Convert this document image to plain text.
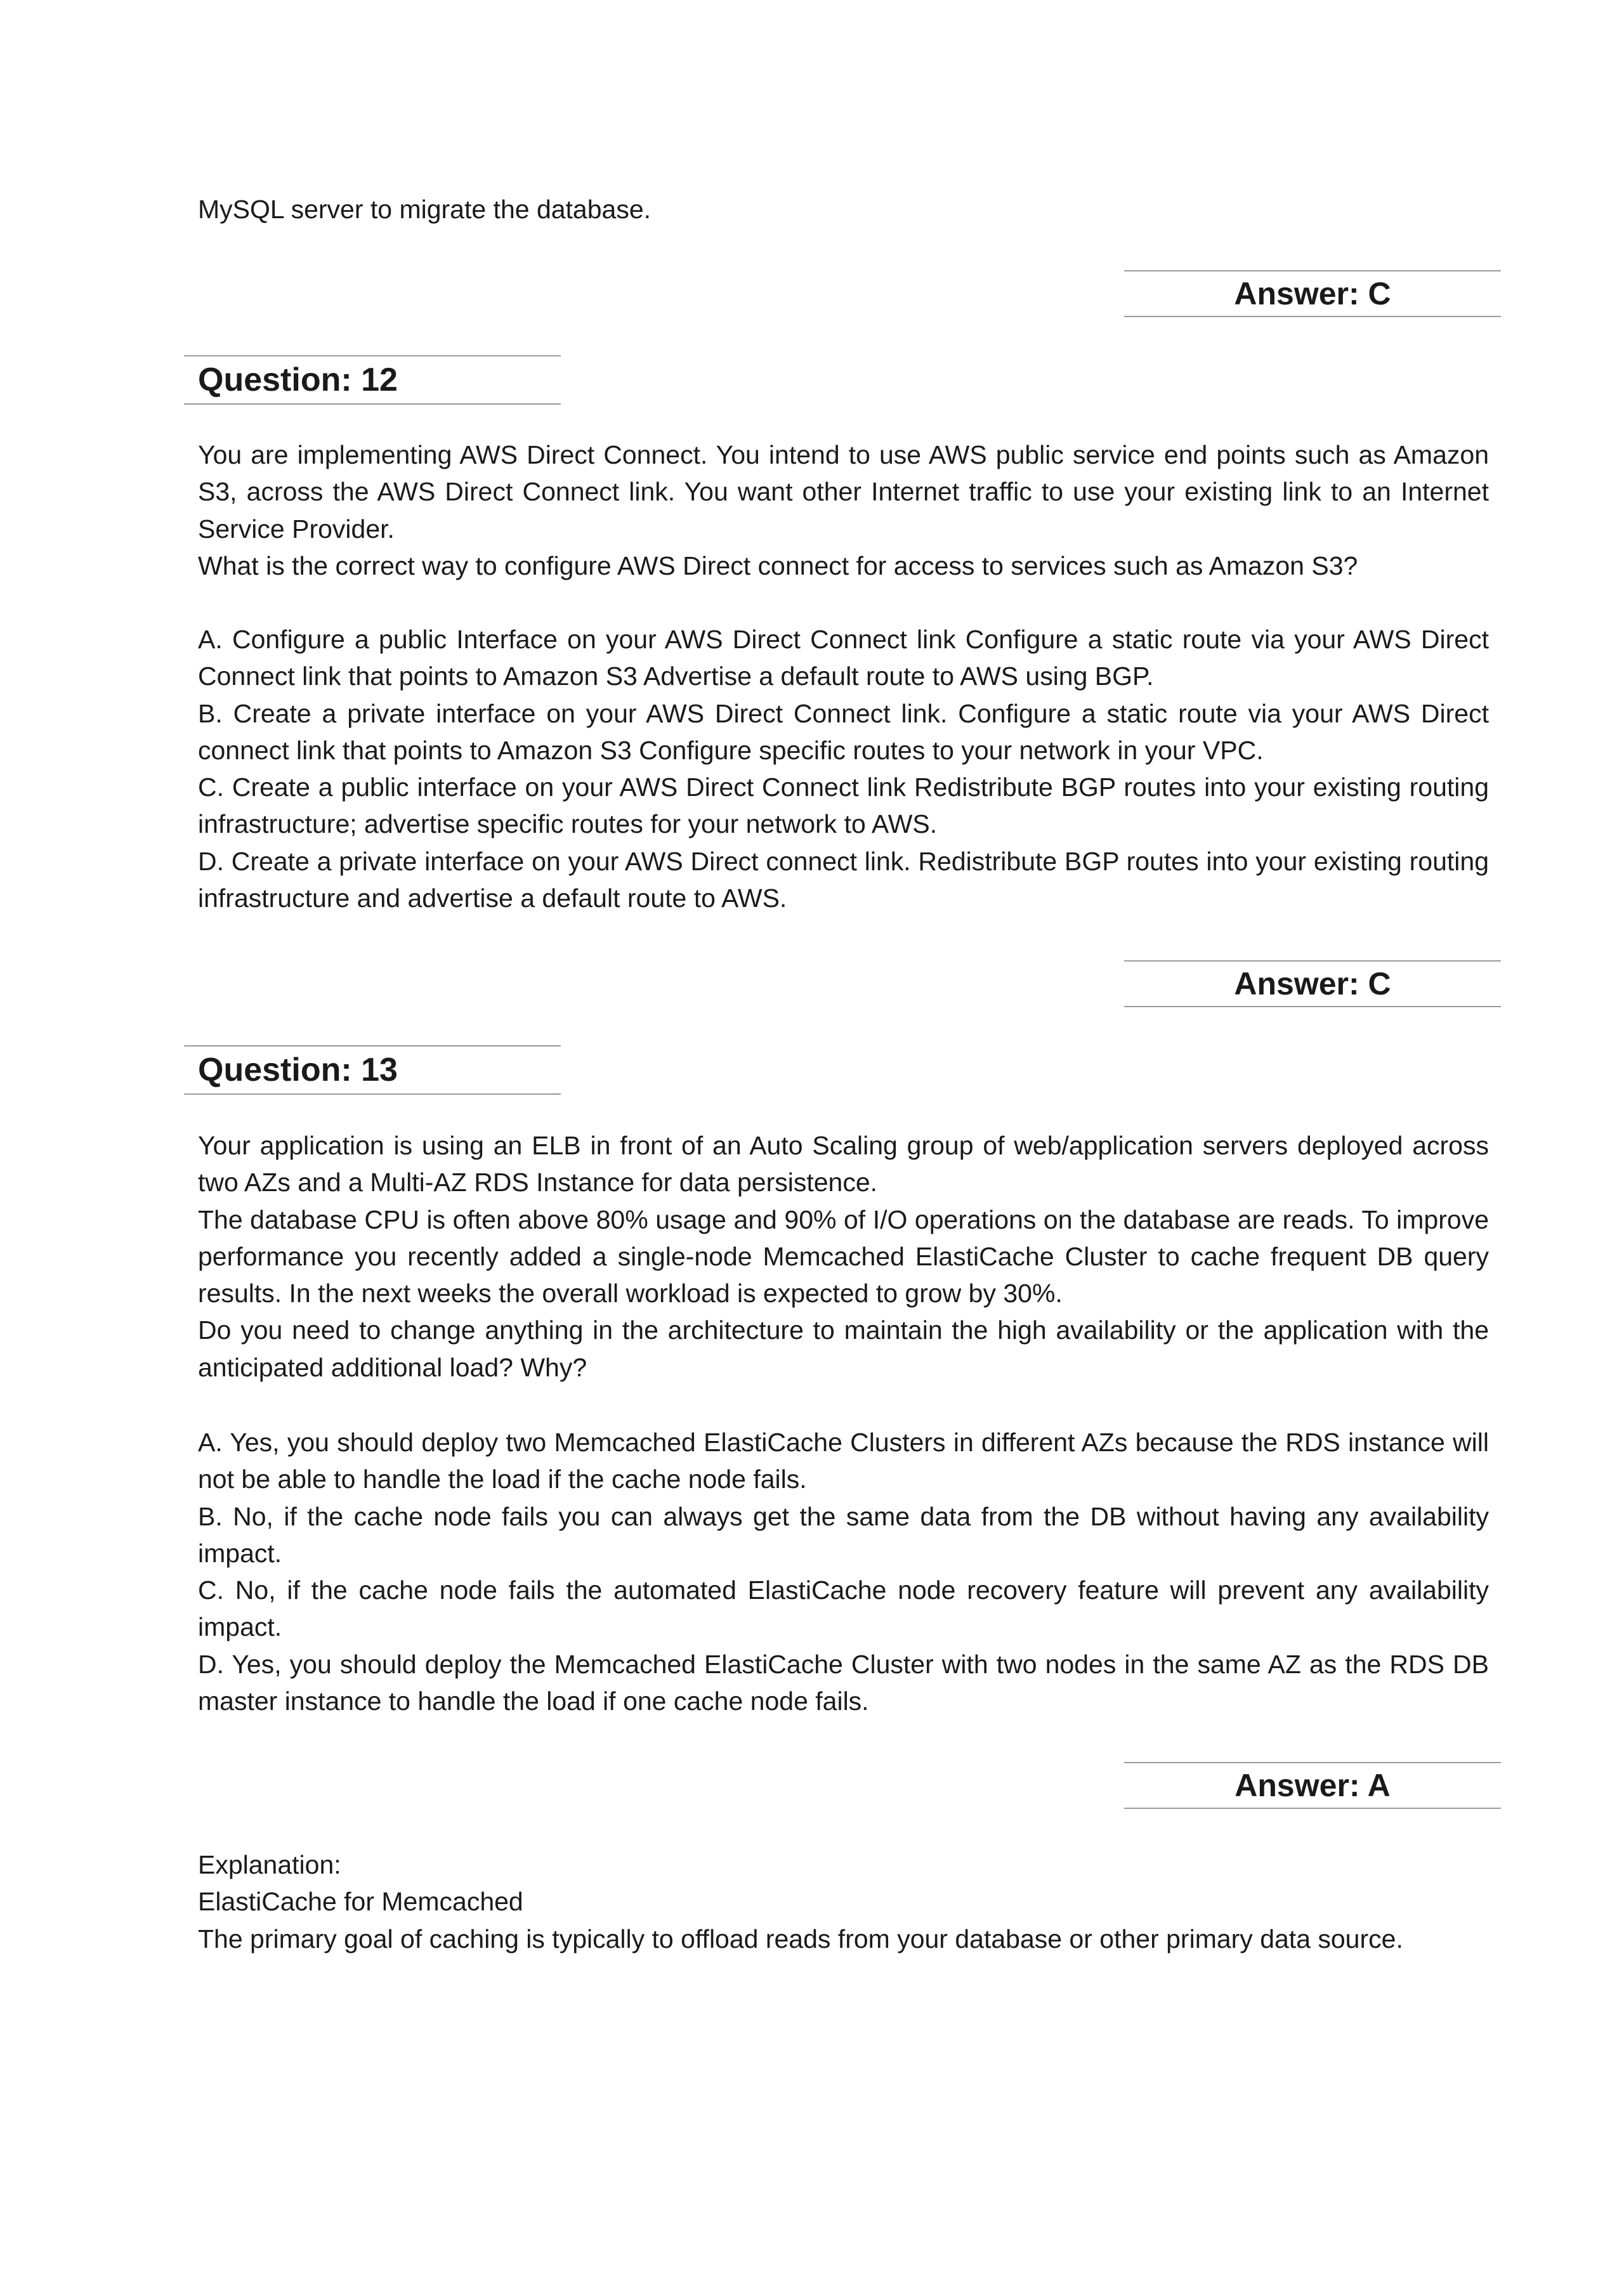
MySQL server to migrate the database.

Answer: C
Question: 12

You are implementing AWS Direct Connect. You intend to use AWS public service end points such as Amazon S3, across the AWS Direct Connect link. You want other Internet traffic to use your existing link to an Internet Service Provider.

What is the correct way to configure AWS Direct connect for access to services such as Amazon S3?

A. Configure a public Interface on your AWS Direct Connect link Configure a static route via your AWS Direct Connect link that points to Amazon S3 Advertise a default route to AWS using BGP.

B. Create a private interface on your AWS Direct Connect link. Configure a static route via your AWS Direct connect link that points to Amazon S3 Configure specific routes to your network in your VPC.

C. Create a public interface on your AWS Direct Connect link Redistribute BGP routes into your existing routing infrastructure; advertise specific routes for your network to AWS.

D. Create a private interface on your AWS Direct connect link. Redistribute BGP routes into your existing routing infrastructure and advertise a default route to AWS.

Answer: C
Question: 13

Your application is using an ELB in front of an Auto Scaling group of web/application servers deployed across two AZs and a Multi-AZ RDS Instance for data persistence.

The database CPU is often above 80% usage and 90% of I/O operations on the database are reads. To improve performance you recently added a single-node Memcached ElastiCache Cluster to cache frequent DB query results. In the next weeks the overall workload is expected to grow by 30%.

Do you need to change anything in the architecture to maintain the high availability or the application with the anticipated additional load? Why?

A. Yes, you should deploy two Memcached ElastiCache Clusters in different AZs because the RDS instance will not be able to handle the load if the cache node fails.

B. No, if the cache node fails you can always get the same data from the DB without having any availability impact.

C. No, if the cache node fails the automated ElastiCache node recovery feature will prevent any availability impact.

D. Yes, you should deploy the Memcached ElastiCache Cluster with two nodes in the same AZ as the RDS DB master instance to handle the load if one cache node fails.

Answer: A

Explanation:

ElastiCache for Memcached

The primary goal of caching is typically to offload reads from your database or other primary data source.
